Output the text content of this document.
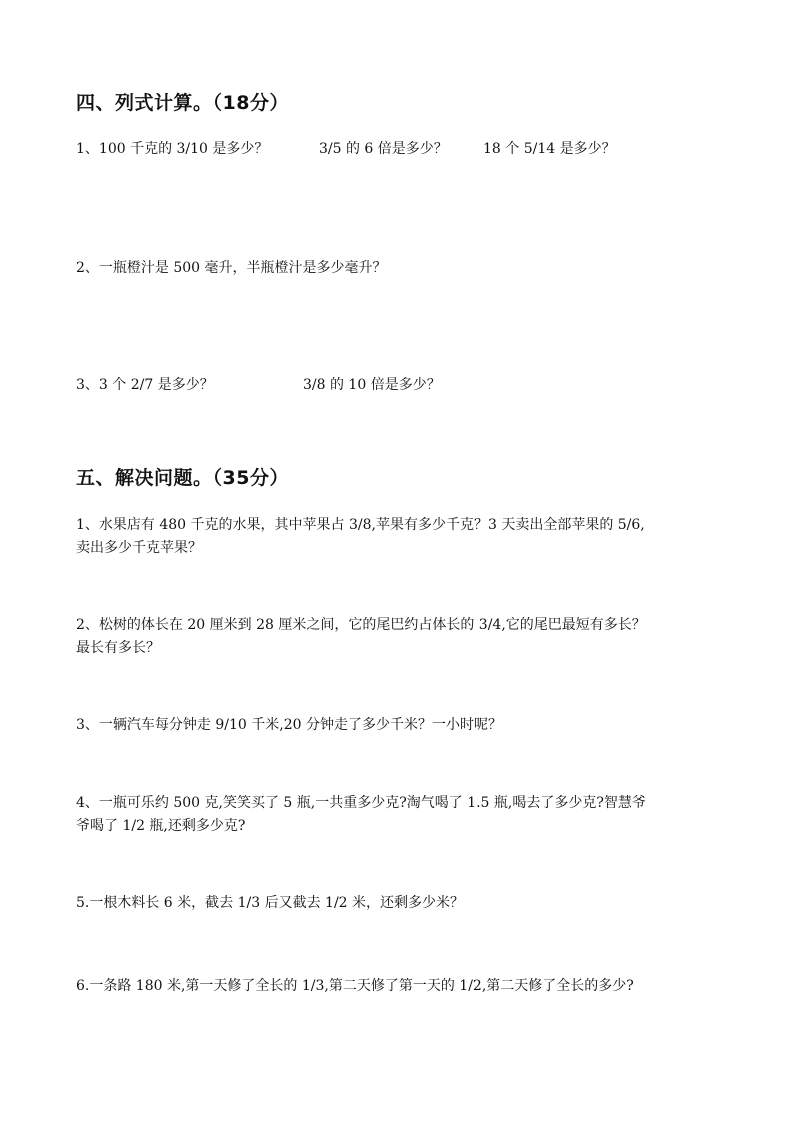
四、列式计算。（18分）
1、100 千克的 3/10 是多少？	3/5 的 6 倍是多少？	18 个 5/14 是多少？
2、一瓶橙汁是 500 毫升，半瓶橙汁是多少毫升？
3、3 个 2/7 是多少？	3/8 的 10 倍是多少？
五、解决问题。（35分）
1、水果店有 480 千克的水果，其中苹果占 3/8,苹果有多少千克？3 天卖出全部苹果的 5/6,
卖出多少千克苹果？
2、松树的体长在 20 厘米到 28 厘米之间，它的尾巴约占体长的 3/4,它的尾巴最短有多长？
最长有多长？
3、一辆汽车每分钟走 9/10 千米,20 分钟走了多少千米？一小时呢？
4、一瓶可乐约 500 克,笑笑买了 5 瓶,一共重多少克?淘气喝了 1.5 瓶,喝去了多少克?智慧爷
爷喝了 1/2 瓶,还剩多少克?
5.一根木料长 6 米，截去 1/3 后又截去 1/2 米，还剩多少米？
6.一条路 180 米,第一天修了全长的 1/3,第二天修了第一天的 1/2,第二天修了全长的多少?
